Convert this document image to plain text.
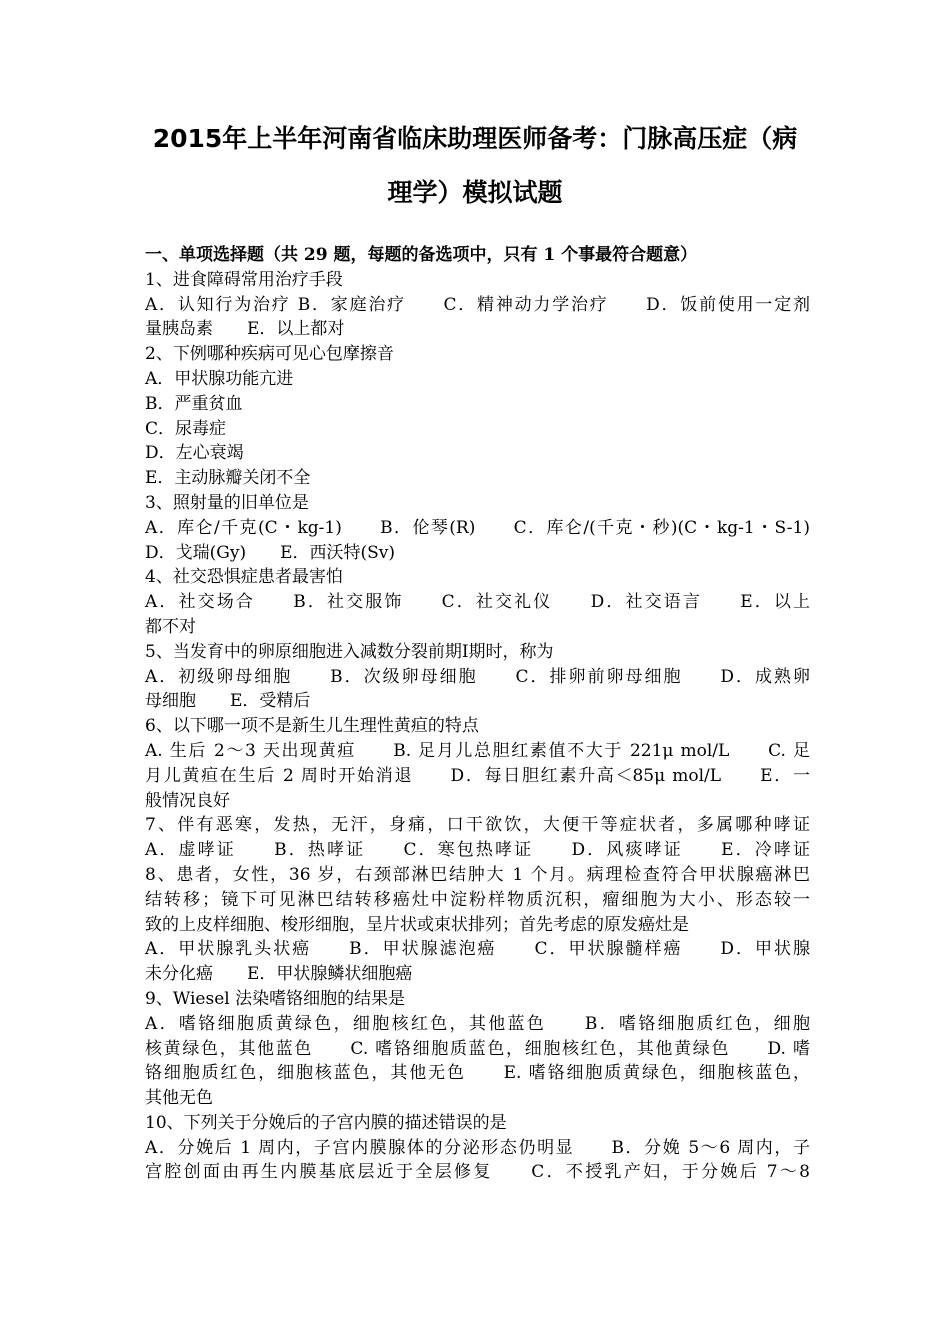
2015年上半年河南省临床助理医师备考：门脉高压症（病
理学）模拟试题
一、单项选择题（共 29 题，每题的备选项中，只有 1 个事最符合题意）
1、进食障碍常用治疗手段
A．认知行为治疗 B．家庭治疗　　C．精神动力学治疗　　D．饭前使用一定剂
量胰岛素　　E．以上都对
2、下例哪种疾病可见心包摩擦音
A．甲状腺功能亢进
B．严重贫血
C．尿毒症
D．左心衰竭
E．主动脉瓣关闭不全
3、照射量的旧单位是
A．库仑/千克(C・kg-1)　　B．伦琴(R)　　C．库仑/(千克・秒)(C・kg-1・S-1)
D．戈瑞(Gy)　　E．西沃特(Sv)
4、社交恐惧症患者最害怕
A．社交场合　　B．社交服饰　　C．社交礼仪　　D．社交语言　　E．以上
都不对
5、当发育中的卵原细胞进入减数分裂前期Ⅰ期时，称为
A．初级卵母细胞　　B．次级卵母细胞　　C．排卵前卵母细胞　　D．成熟卵
母细胞　　E．受精后
6、以下哪一项不是新生儿生理性黄疸的特点
A. 生后 2～3 天出现黄疸　　B. 足月儿总胆红素值不大于 221μ mol/L　　C. 足
月儿黄疸在生后 2 周时开始消退　　D．每日胆红素升高＜85μ mol/L　　E．一
般情况良好
7、伴有恶寒，发热，无汗，身痛，口干欲饮，大便干等症状者，多属哪种哮证
A．虚哮证　　B．热哮证　　C．寒包热哮证　　D．风痰哮证　　E．冷哮证
8、患者，女性，36 岁，右颈部淋巴结肿大 1 个月。病理检查符合甲状腺癌淋巴
结转移；镜下可见淋巴结转移癌灶中淀粉样物质沉积，瘤细胞为大小、形态较一
致的上皮样细胞、梭形细胞，呈片状或束状排列；首先考虑的原发癌灶是
A．甲状腺乳头状癌　　B．甲状腺滤泡癌　　C．甲状腺髓样癌　　D．甲状腺
未分化癌　　E．甲状腺鳞状细胞癌
9、Wiesel 法染嗜铬细胞的结果是
A．嗜铬细胞质黄绿色，细胞核红色，其他蓝色　　B．嗜铬细胞质红色，细胞
核黄绿色，其他蓝色　　C. 嗜铬细胞质蓝色，细胞核红色，其他黄绿色　　D. 嗜
铬细胞质红色，细胞核蓝色，其他无色　　E. 嗜铬细胞质黄绿色，细胞核蓝色，
其他无色
10、下列关于分娩后的子宫内膜的描述错误的是
A．分娩后 1 周内，子宫内膜腺体的分泌形态仍明显　　B．分娩 5～6 周内，子
宫腔创面由再生内膜基底层近于全层修复　　C．不授乳产妇，于分娩后 7～8
